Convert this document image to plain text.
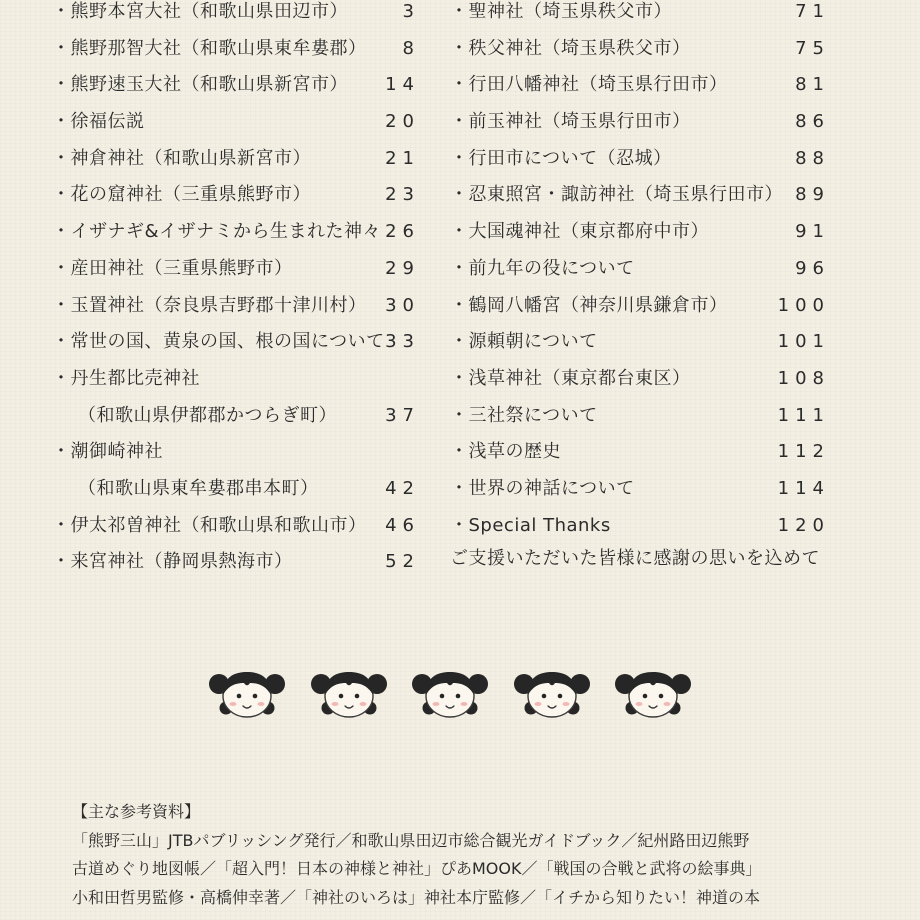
・熊野本宮大社（和歌山県田辺市）	3
・熊野那智大社（和歌山県東牟婁郡） 8
・熊野速玉大社（和歌山県新宮市） 14
・徐福伝説	20
・神倉神社（和歌山県新宮市）	21
・花の窟神社（三重県熊野市）	23
・イザナギ&イザナミから生まれた神々 26
・産田神社（三重県熊野市）	29
・玉置神社（奈良県吉野郡十津川村） 30
・常世の国、黄泉の国、根の国について 33
・丹生都比売神社
（和歌山県伊都郡かつらぎ町）	37
・潮御崎神社
（和歌山県東牟婁郡串本町）	42
・伊太祁曽神社（和歌山県和歌山市） 46
・来宮神社（静岡県熱海市）	52
・聖神社（埼玉県秩父市）	71
・秩父神社（埼玉県秩父市）	75
・行田八幡神社（埼玉県行田市）	81
・前玉神社（埼玉県行田市）	86
・行田市について（忍城）	88
・忍東照宮・諏訪神社（埼玉県行田市） 89
・大国魂神社（東京都府中市）	91
・前九年の役について	96
・鶴岡八幡宮（神奈川県鎌倉市）	100
・源頼朝について	101
・浅草神社（東京都台東区）	108
・三社祭について	111
・浅草の歴史	112
・世界の神話について	114
・Special Thanks	120
ご支援いただいた皆様に感謝の思いを込めて
【主な参考資料】
「熊野三山」JTBパブリッシング発行／和歌山県田辺市総合観光ガイドブック／紀州路田辺熊野
古道めぐり地図帳／「超入門！日本の神様と神社」ぴあMOOK／「戦国の合戦と武将の絵事典」
小和田哲男監修・高橋伸幸著／「神社のいろは」神社本庁監修／「イチから知りたい！神道の本
